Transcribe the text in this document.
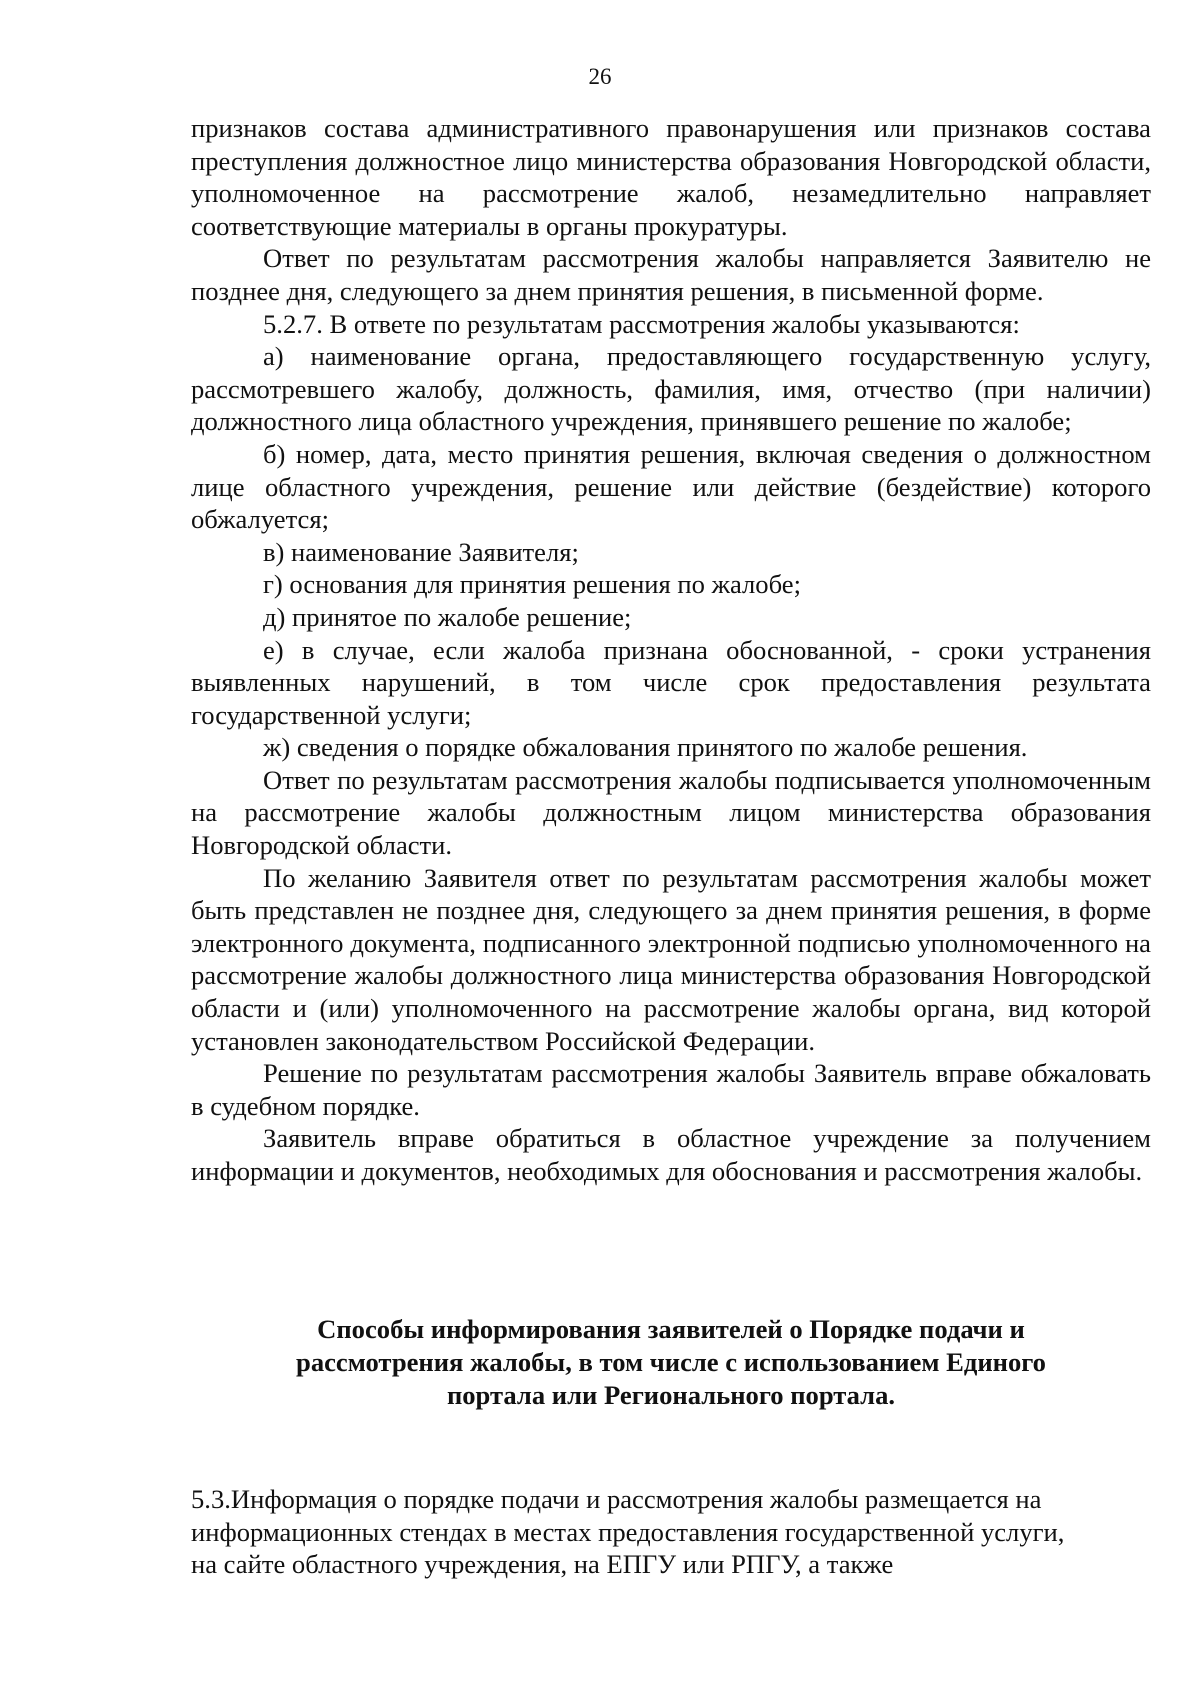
26

признаков состава административного правонарушения или признаков состава преступления должностное лицо министерства образования Новгородской области, уполномоченное на рассмотрение жалоб, незамедлительно направляет соответствующие материалы в органы прокуратуры.

Ответ по результатам рассмотрения жалобы направляется Заявителю не позднее дня, следующего за днем принятия решения, в письменной форме.

5.2.7. В ответе по результатам рассмотрения жалобы указываются:

а) наименование органа, предоставляющего государственную услугу, рассмотревшего жалобу, должность, фамилия, имя, отчество (при наличии) должностного лица областного учреждения, принявшего решение по жалобе;

б) номер, дата, место принятия решения, включая сведения о должностном лице областного учреждения, решение или действие (бездействие) которого обжалуется;

в) наименование Заявителя;

г) основания для принятия решения по жалобе;

д) принятое по жалобе решение;

е) в случае, если жалоба признана обоснованной, - сроки устранения выявленных нарушений, в том числе срок предоставления результата государственной услуги;

ж) сведения о порядке обжалования принятого по жалобе решения.

Ответ по результатам рассмотрения жалобы подписывается уполномоченным на рассмотрение жалобы должностным лицом министерства образования Новгородской области.

По желанию Заявителя ответ по результатам рассмотрения жалобы может быть представлен не позднее дня, следующего за днем принятия решения, в форме электронного документа, подписанного электронной подписью уполномоченного на рассмотрение жалобы должностного лица министерства образования Новгородской области и (или) уполномоченного на рассмотрение жалобы органа, вид которой установлен законодательством Российской Федерации.

Решение по результатам рассмотрения жалобы Заявитель вправе обжаловать в судебном порядке.

Заявитель вправе обратиться в областное учреждение за получением информации и документов, необходимых для обоснования и рассмотрения жалобы.

Способы информирования заявителей о Порядке подачи и
рассмотрения жалобы, в том числе с использованием Единого
портала или Регионального портала.
5.3.Информация о порядке подачи и рассмотрения жалобы размещается на
информационных стендах в местах предоставления государственной услуги,
на сайте областного учреждения, на ЕПГУ или РПГУ, а также
